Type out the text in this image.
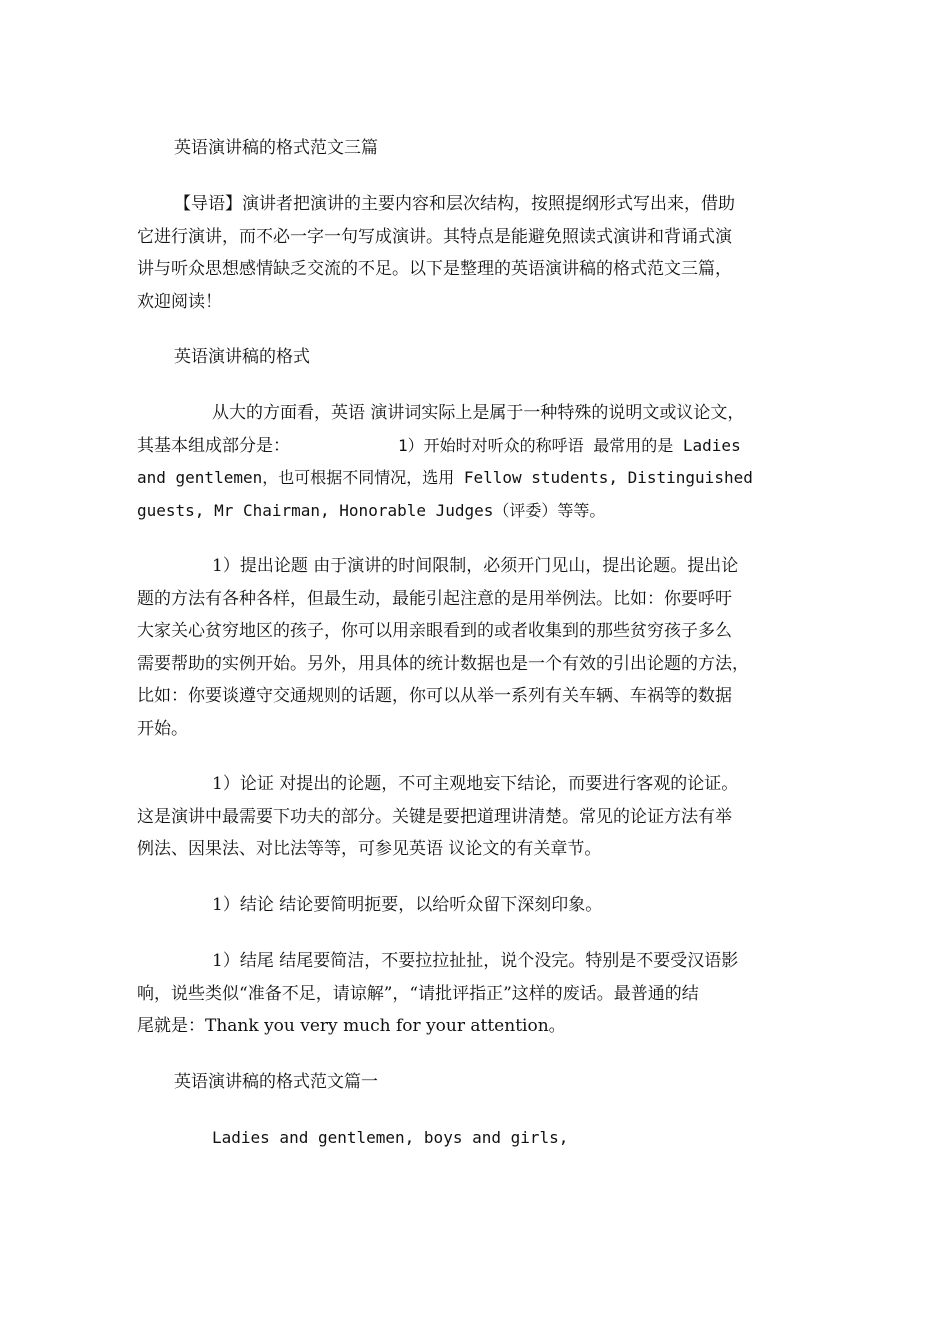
英语演讲稿的格式范文三篇

【导语】演讲者把演讲的主要内容和层次结构，按照提纲形式写出来，借助

它进行演讲，而不必一字一句写成演讲。其特点是能避免照读式演讲和背诵式演

讲与听众思想感情缺乏交流的不足。以下是整理的英语演讲稿的格式范文三篇，

欢迎阅读！

英语演讲稿的格式

从大的方面看，英语 演讲词实际上是属于一种特殊的说明文或议论文，

其基本组成部分是：	1）开始时对听众的称呼语 最常用的是 Ladies

and gentlemen，也可根据不同情况，选用 Fellow students, Distinguished

guests, Mr Chairman, Honorable Judges（评委）等等。

1）提出论题 由于演讲的时间限制，必须开门见山，提出论题。提出论

题的方法有各种各样，但最生动，最能引起注意的是用举例法。比如：你要呼吁

大家关心贫穷地区的孩子，你可以用亲眼看到的或者收集到的那些贫穷孩子多么

需要帮助的实例开始。另外，用具体的统计数据也是一个有效的引出论题的方法，

比如：你要谈遵守交通规则的话题，你可以从举一系列有关车辆、车祸等的数据

开始。

1）论证 对提出的论题，不可主观地妄下结论，而要进行客观的论证。

这是演讲中最需要下功夫的部分。关键是要把道理讲清楚。常见的论证方法有举

例法、因果法、对比法等等，可参见英语 议论文的有关章节。

1）结论 结论要简明扼要，以给听众留下深刻印象。

1）结尾 结尾要简洁，不要拉拉扯扯，说个没完。特别是不要受汉语影

响，说些类似“准备不足，请谅解”，“请批评指正”这样的废话。最普通的结

尾就是：Thank you very much for your attention。

英语演讲稿的格式范文篇一

Ladies and gentlemen, boys and girls,
